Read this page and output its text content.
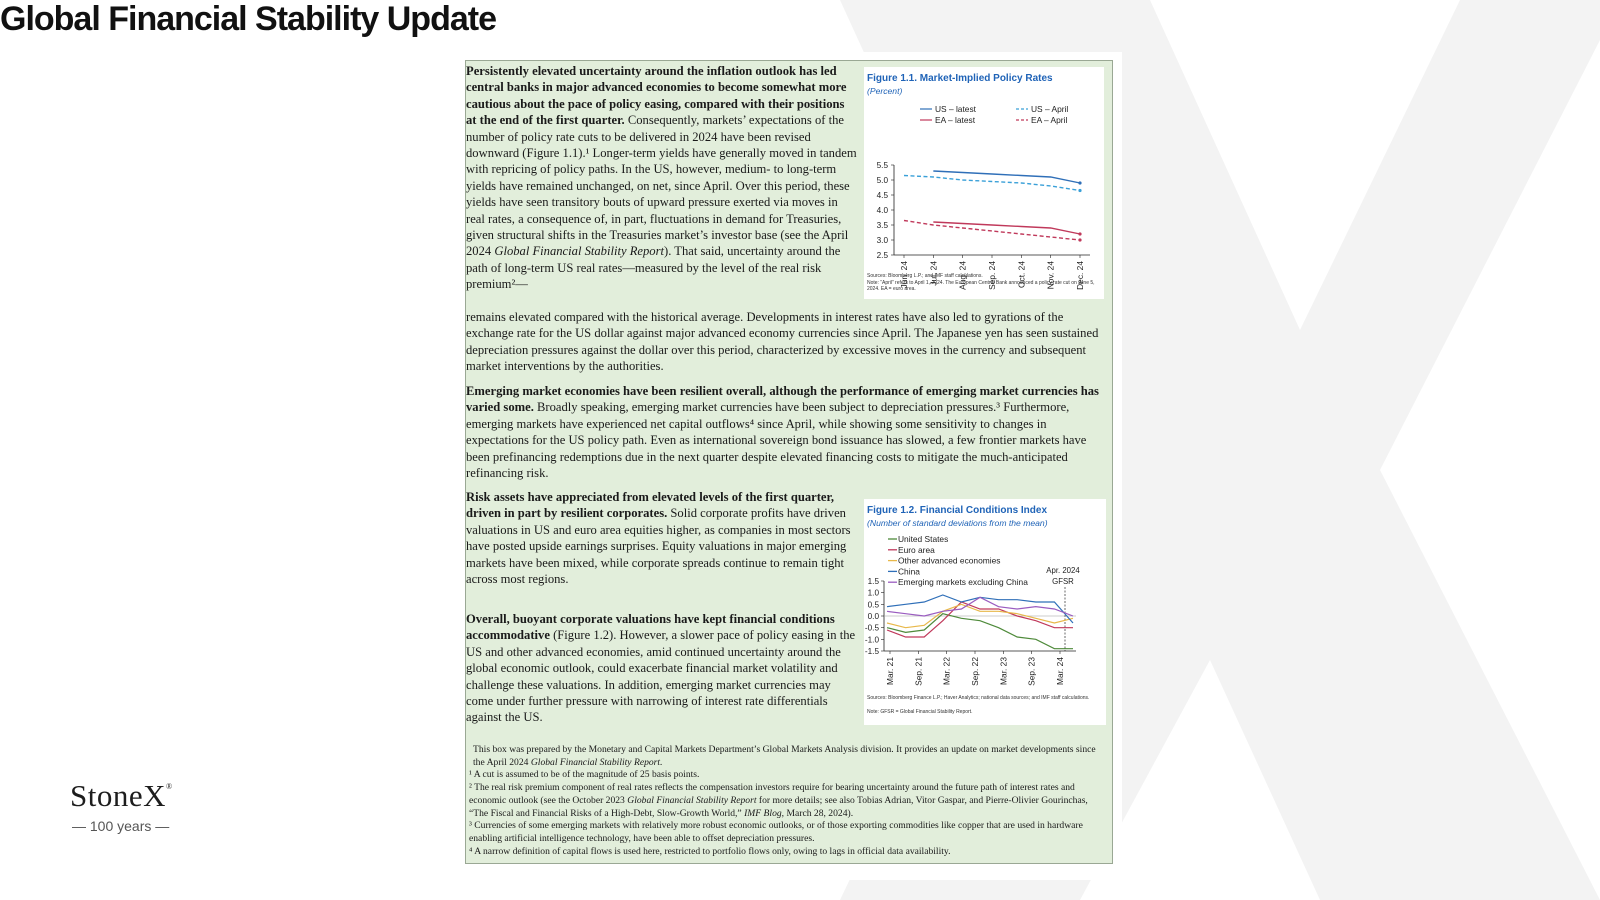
Global Financial Stability Update
StoneX®
— 100 years —

Persistently elevated uncertainty around the inflation outlook has led central banks in major advanced economies to become somewhat more cautious about the pace of policy easing, compared with their positions at the end of the first quarter. Consequently, markets’ expectations of the number of policy rate cuts to be delivered in 2024 have been revised downward (Figure 1.1).¹ Longer-term yields have generally moved in tandem with repricing of policy paths. In the US, however, medium- to long-term yields have remained unchanged, on net, since April. Over this period, these yields have seen transitory bouts of upward pressure exerted via moves in real rates, a consequence of, in part, fluctuations in demand for Treasuries, given structural shifts in the Treasuries market’s investor base (see the April 2024 Global Financial Stability Report). That said, uncertainty around the path of long-term US real rates—measured by the level of the real risk premium²—

remains elevated compared with the historical average. Developments in interest rates have also led to gyrations of the exchange rate for the US dollar against major advanced economy currencies since April. The Japanese yen has seen sustained depreciation pressures against the dollar over this period, characterized by excessive moves in the currency and subsequent market interventions by the authorities.

Emerging market economies have been resilient overall, although the performance of emerging market currencies has varied some. Broadly speaking, emerging market currencies have been subject to depreciation pressures.³ Furthermore, emerging markets have experienced net capital outflows⁴ since April, while showing some sensitivity to changes in expectations for the US policy path. Even as international sovereign bond issuance has slowed, a few frontier markets have been prefinancing redemptions due in the next quarter despite elevated financing costs to mitigate the much-anticipated refinancing risk.

Risk assets have appreciated from elevated levels of the first quarter, driven in part by resilient corporates. Solid corporate profits have driven valuations in US and euro area equities higher, as companies in most sectors have posted upside earnings surprises. Equity valuations in major emerging markets have been mixed, while corporate spreads continue to remain tight across most regions.

Overall, buoyant corporate valuations have kept financial conditions accommodative (Figure 1.2). However, a slower pace of policy easing in the US and other advanced economies, amid continued uncertainty around the global economic outlook, could exacerbate financial market volatility and challenge these valuations. In addition, emerging market currencies may come under further pressure with narrowing of interest rate differentials against the US.

Figure 1.1. Market-Implied Policy Rates
(Percent)
US – latest	US – April
EA – latest	EA – April
5.5
5.0
4.5
4.0
3.5
3.0
2.5
Jun. 24 Jul. 24 Aug. 24 Sep. 24 Oct. 24 Nov. 24 Dec. 24
Sources: Bloomberg L.P.; and IMF staff calculations.
Note: “April” refers to April 1, 2024. The European Central Bank announced a policy rate cut on June 5, 2024. EA = euro area.
Figure 1.2. Financial Conditions Index
(Number of standard deviations from the mean)
United States
Euro area
Other advanced economies
China
Emerging markets excluding China
Apr. 2024
GFSR
1.5
1.0
0.5
0.0
-0.5
-1.0
-1.5
Mar. 21 Sep. 21 Mar. 22 Sep. 22 Mar. 23 Sep. 23 Mar. 24
Sources: Bloomberg Finance L.P.; Haver Analytics; national data sources; and IMF staff calculations.
Note: GFSR = Global Financial Stability Report.

This box was prepared by the Monetary and Capital Markets Department’s Global Markets Analysis division. It provides an update on market developments since the April 2024 Global Financial Stability Report.

¹ A cut is assumed to be of the magnitude of 25 basis points.

² The real risk premium component of real rates reflects the compensation investors require for bearing uncertainty around the future path of interest rates and economic outlook (see the October 2023 Global Financial Stability Report for more details; see also Tobias Adrian, Vitor Gaspar, and Pierre-Olivier Gourinchas, “The Fiscal and Financial Risks of a High-Debt, Slow-Growth World,” IMF Blog, March 28, 2024).

³ Currencies of some emerging markets with relatively more robust economic outlooks, or of those exporting commodities like copper that are used in hardware enabling artificial intelligence technology, have been able to offset depreciation pressures.

⁴ A narrow definition of capital flows is used here, restricted to portfolio flows only, owing to lags in official data availability.
